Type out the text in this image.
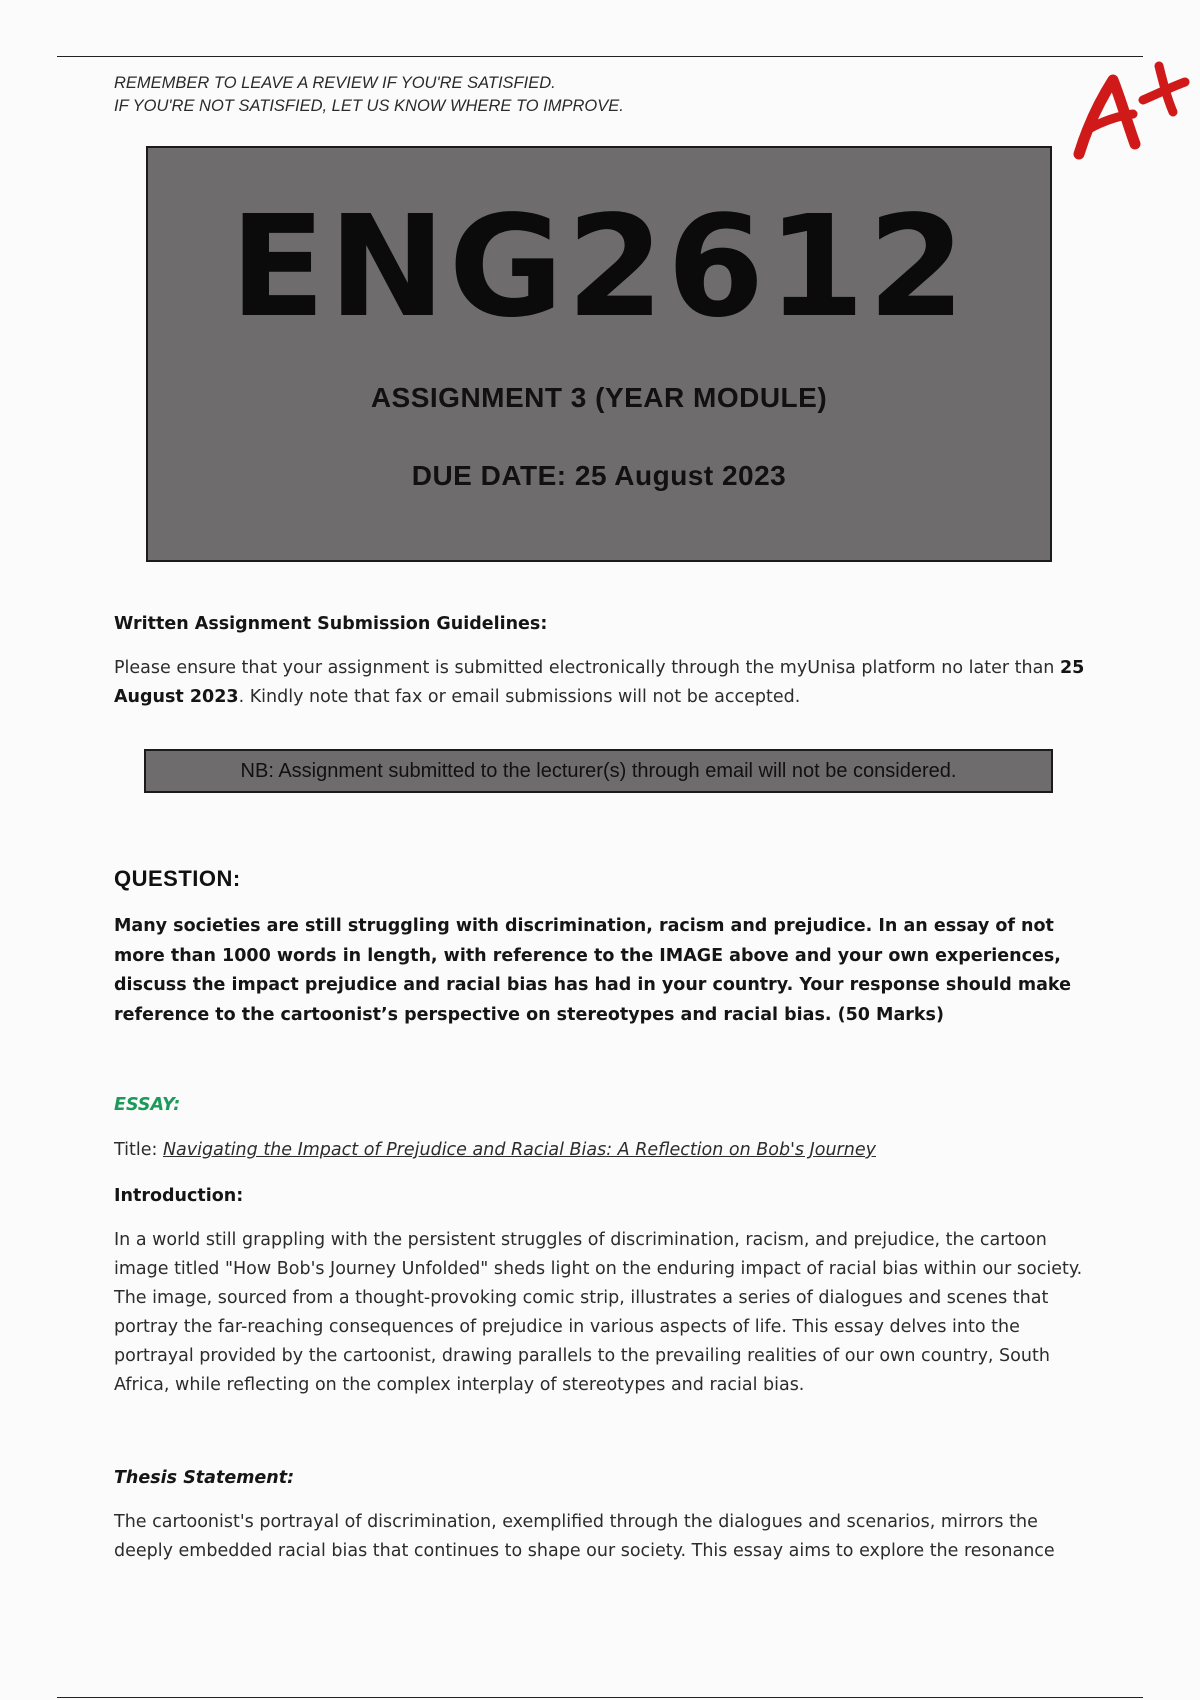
REMEMBER TO LEAVE A REVIEW IF YOU'RE SATISFIED.
IF YOU'RE NOT SATISFIED, LET US KNOW WHERE TO IMPROVE.
ENG2612
ASSIGNMENT 3 (YEAR MODULE)
DUE DATE: 25 August 2023
Written Assignment Submission Guidelines:
Please ensure that your assignment is submitted electronically through the myUnisa platform no later than 25 August 2023. Kindly note that fax or email submissions will not be accepted.
NB: Assignment submitted to the lecturer(s) through email will not be considered.
QUESTION:
Many societies are still struggling with discrimination, racism and prejudice. In an essay of not more than 1000 words in length, with reference to the IMAGE above and your own experiences, discuss the impact prejudice and racial bias has had in your country. Your response should make reference to the cartoonist’s perspective on stereotypes and racial bias. (50 Marks)
ESSAY:
Title: Navigating the Impact of Prejudice and Racial Bias: A Reflection on Bob's Journey
Introduction:
In a world still grappling with the persistent struggles of discrimination, racism, and prejudice, the cartoon image titled "How Bob's Journey Unfolded" sheds light on the enduring impact of racial bias within our society. The image, sourced from a thought-provoking comic strip, illustrates a series of dialogues and scenes that portray the far-reaching consequences of prejudice in various aspects of life. This essay delves into the portrayal provided by the cartoonist, drawing parallels to the prevailing realities of our own country, South Africa, while reflecting on the complex interplay of stereotypes and racial bias.
Thesis Statement:
The cartoonist's portrayal of discrimination, exemplified through the dialogues and scenarios, mirrors the deeply embedded racial bias that continues to shape our society. This essay aims to explore the resonance
